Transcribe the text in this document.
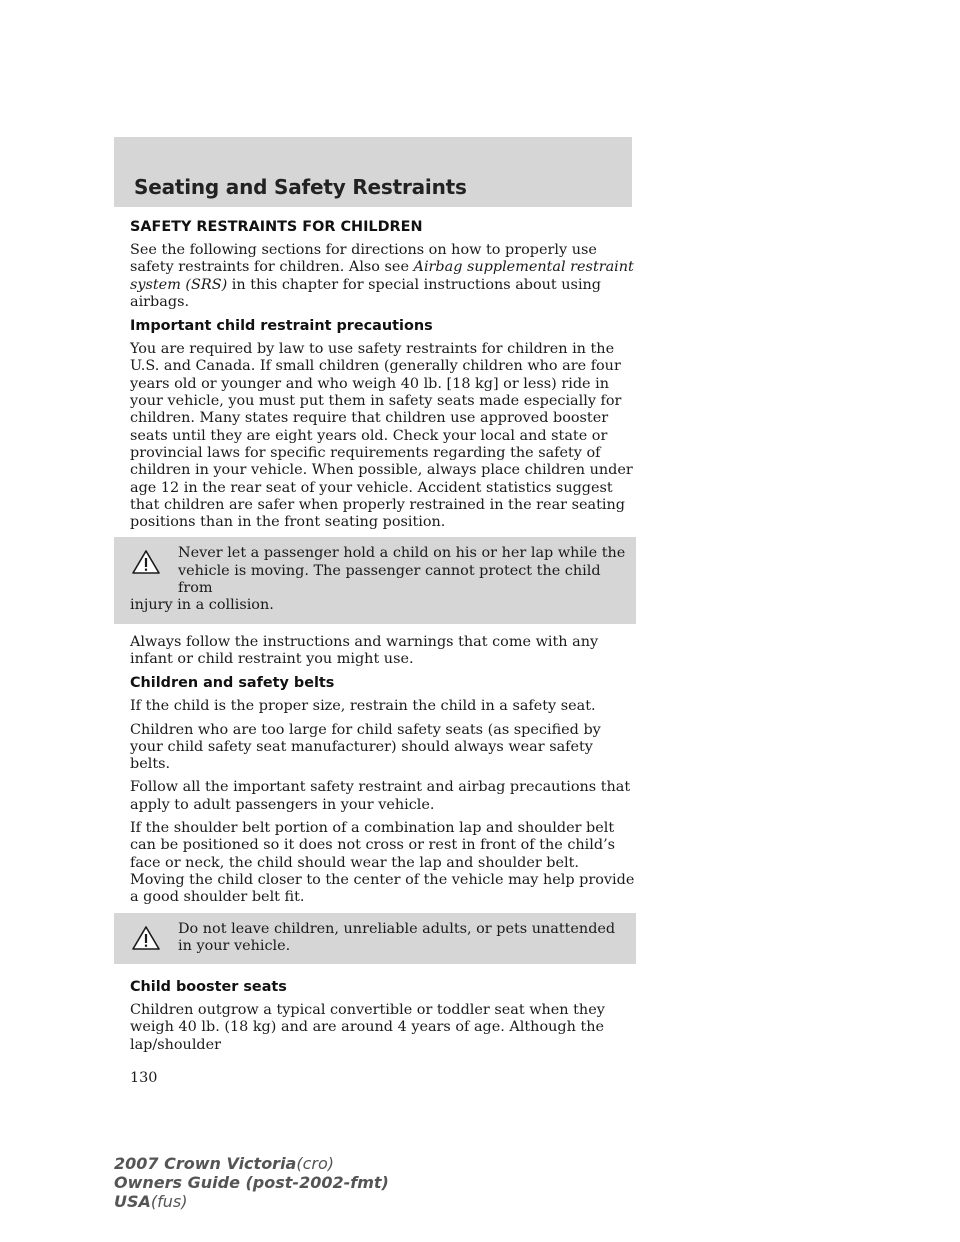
Seating and Safety Restraints
SAFETY RESTRAINTS FOR CHILDREN

See the following sections for directions on how to properly use safety restraints for children. Also see Airbag supplemental restraint system (SRS) in this chapter for special instructions about using airbags.

Important child restraint precautions

You are required by law to use safety restraints for children in the U.S. and Canada. If small children (generally children who are four years old or younger and who weigh 40 lb. [18 kg] or less) ride in your vehicle, you must put them in safety seats made especially for children. Many states require that children use approved booster seats until they are eight years old. Check your local and state or provincial laws for specific requirements regarding the safety of children in your vehicle. When possible, always place children under age 12 in the rear seat of your vehicle. Accident statistics suggest that children are safer when properly restrained in the rear seating positions than in the front seating position.

Never let a passenger hold a child on his or her lap while the vehicle is moving. The passenger cannot protect the child from
injury in a collision.

Always follow the instructions and warnings that come with any infant or child restraint you might use.

Children and safety belts

If the child is the proper size, restrain the child in a safety seat.

Children who are too large for child safety seats (as specified by your child safety seat manufacturer) should always wear safety belts.

Follow all the important safety restraint and airbag precautions that apply to adult passengers in your vehicle.

If the shoulder belt portion of a combination lap and shoulder belt can be positioned so it does not cross or rest in front of the child’s face or neck, the child should wear the lap and shoulder belt. Moving the child closer to the center of the vehicle may help provide a good shoulder belt fit.

Do not leave children, unreliable adults, or pets unattended in your vehicle.
Child booster seats

Children outgrow a typical convertible or toddler seat when they weigh 40 lb. (18 kg) and are around 4 years of age. Although the lap/shoulder

130

2007 Crown Victoria(cro)
Owners Guide (post-2002-fmt)
USA(fus)
